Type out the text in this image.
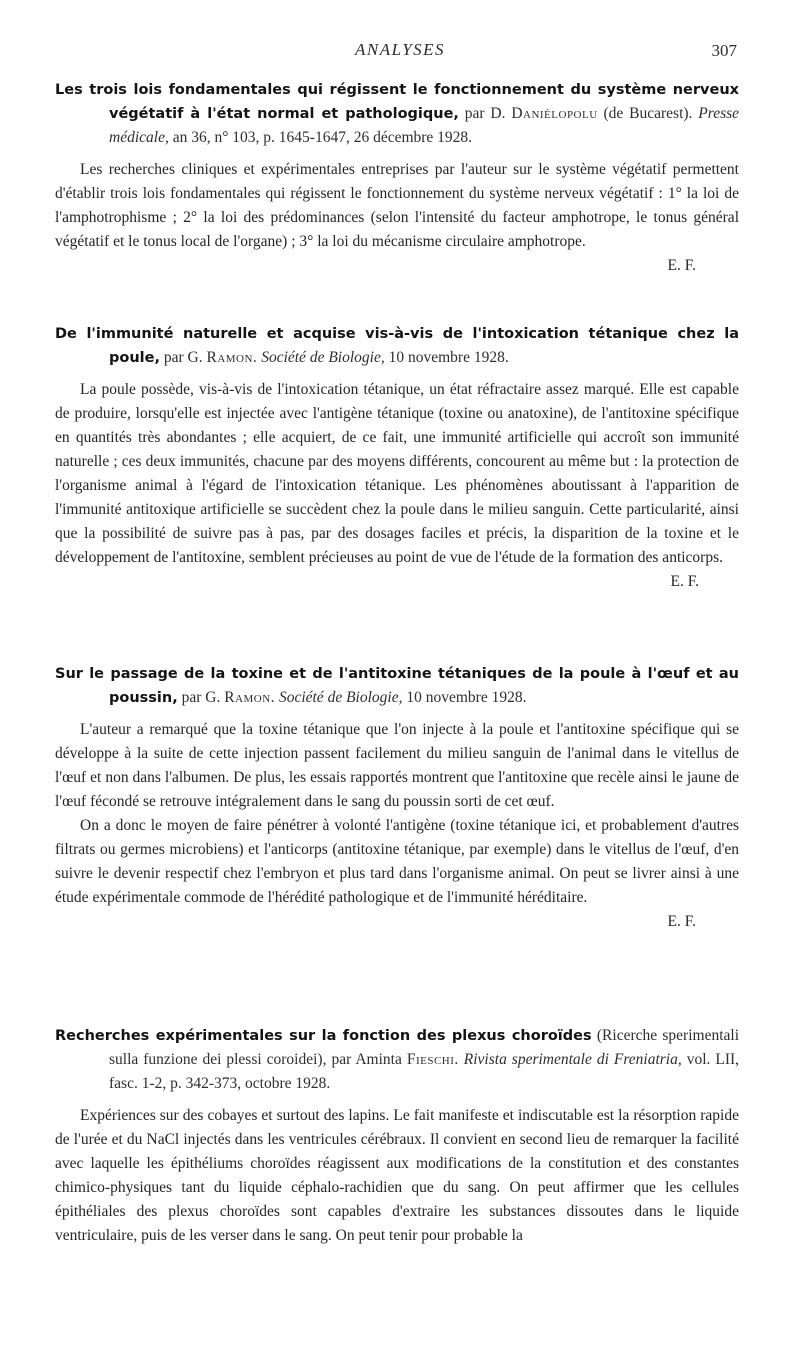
ANALYSES	307

Les trois lois fondamentales qui régissent le fonctionnement du système nerveux végétatif à l'état normal et pathologique, par D. Daniélopolu (de Bucarest). Presse médicale, an 36, n° 103, p. 1645-1647, 26 décembre 1928.

Les recherches cliniques et expérimentales entreprises par l'auteur sur le système végétatif permettent d'établir trois lois fondamentales qui régissent le fonctionnement du système nerveux végétatif : 1° la loi de l'amphotrophisme ; 2° la loi des prédominances (selon l'intensité du facteur amphotrope, le tonus général végétatif et le tonus local de l'organe) ; 3° la loi du mécanisme circulaire amphotrope.

E. F.

De l'immunité naturelle et acquise vis-à-vis de l'intoxication tétanique chez la poule, par G. Ramon. Société de Biologie, 10 novembre 1928.

La poule possède, vis-à-vis de l'intoxication tétanique, un état réfractaire assez marqué. Elle est capable de produire, lorsqu'elle est injectée avec l'antigène tétanique (toxine ou anatoxine), de l'antitoxine spécifique en quantités très abondantes ; elle acquiert, de ce fait, une immunité artificielle qui accroît son immunité naturelle ; ces deux immunités, chacune par des moyens différents, concourent au même but : la protection de l'organisme animal à l'égard de l'intoxication tétanique. Les phénomènes aboutissant à l'apparition de l'immunité antitoxique artificielle se succèdent chez la poule dans le milieu sanguin. Cette particularité, ainsi que la possibilité de suivre pas à pas, par des dosages faciles et précis, la disparition de la toxine et le développement de l'antitoxine, semblent précieuses au point de vue de l'étude de la formation des anticorps.
E. F.

Sur le passage de la toxine et de l'antitoxine tétaniques de la poule à l'œuf et au poussin, par G. Ramon. Société de Biologie, 10 novembre 1928.

L'auteur a remarqué que la toxine tétanique que l'on injecte à la poule et l'antitoxine spécifique qui se développe à la suite de cette injection passent facilement du milieu sanguin de l'animal dans le vitellus de l'œuf et non dans l'albumen. De plus, les essais rapportés montrent que l'antitoxine que recèle ainsi le jaune de l'œuf fécondé se retrouve intégralement dans le sang du poussin sorti de cet œuf.

On a donc le moyen de faire pénétrer à volonté l'antigène (toxine tétanique ici, et probablement d'autres filtrats ou germes microbiens) et l'anticorps (antitoxine tétanique, par exemple) dans le vitellus de l'œuf, d'en suivre le devenir respectif chez l'embryon et plus tard dans l'organisme animal. On peut se livrer ainsi à une étude expérimentale commode de l'hérédité pathologique et de l'immunité héréditaire.

E. F.

Recherches expérimentales sur la fonction des plexus choroïdes (Ricerche sperimentali sulla funzione dei plessi coroidei), par Aminta Fieschi. Rivista sperimentale di Freniatria, vol. LII, fasc. 1-2, p. 342-373, octobre 1928.

Expériences sur des cobayes et surtout des lapins. Le fait manifeste et indiscutable est la résorption rapide de l'urée et du NaCl injectés dans les ventricules cérébraux. Il convient en second lieu de remarquer la facilité avec laquelle les épithéliums choroïdes réagissent aux modifications de la constitution et des constantes chimico-physiques tant du liquide céphalo-rachidien que du sang. On peut affirmer que les cellules épithéliales des plexus choroïdes sont capables d'extraire les substances dissoutes dans le liquide ventriculaire, puis de les verser dans le sang. On peut tenir pour probable la
